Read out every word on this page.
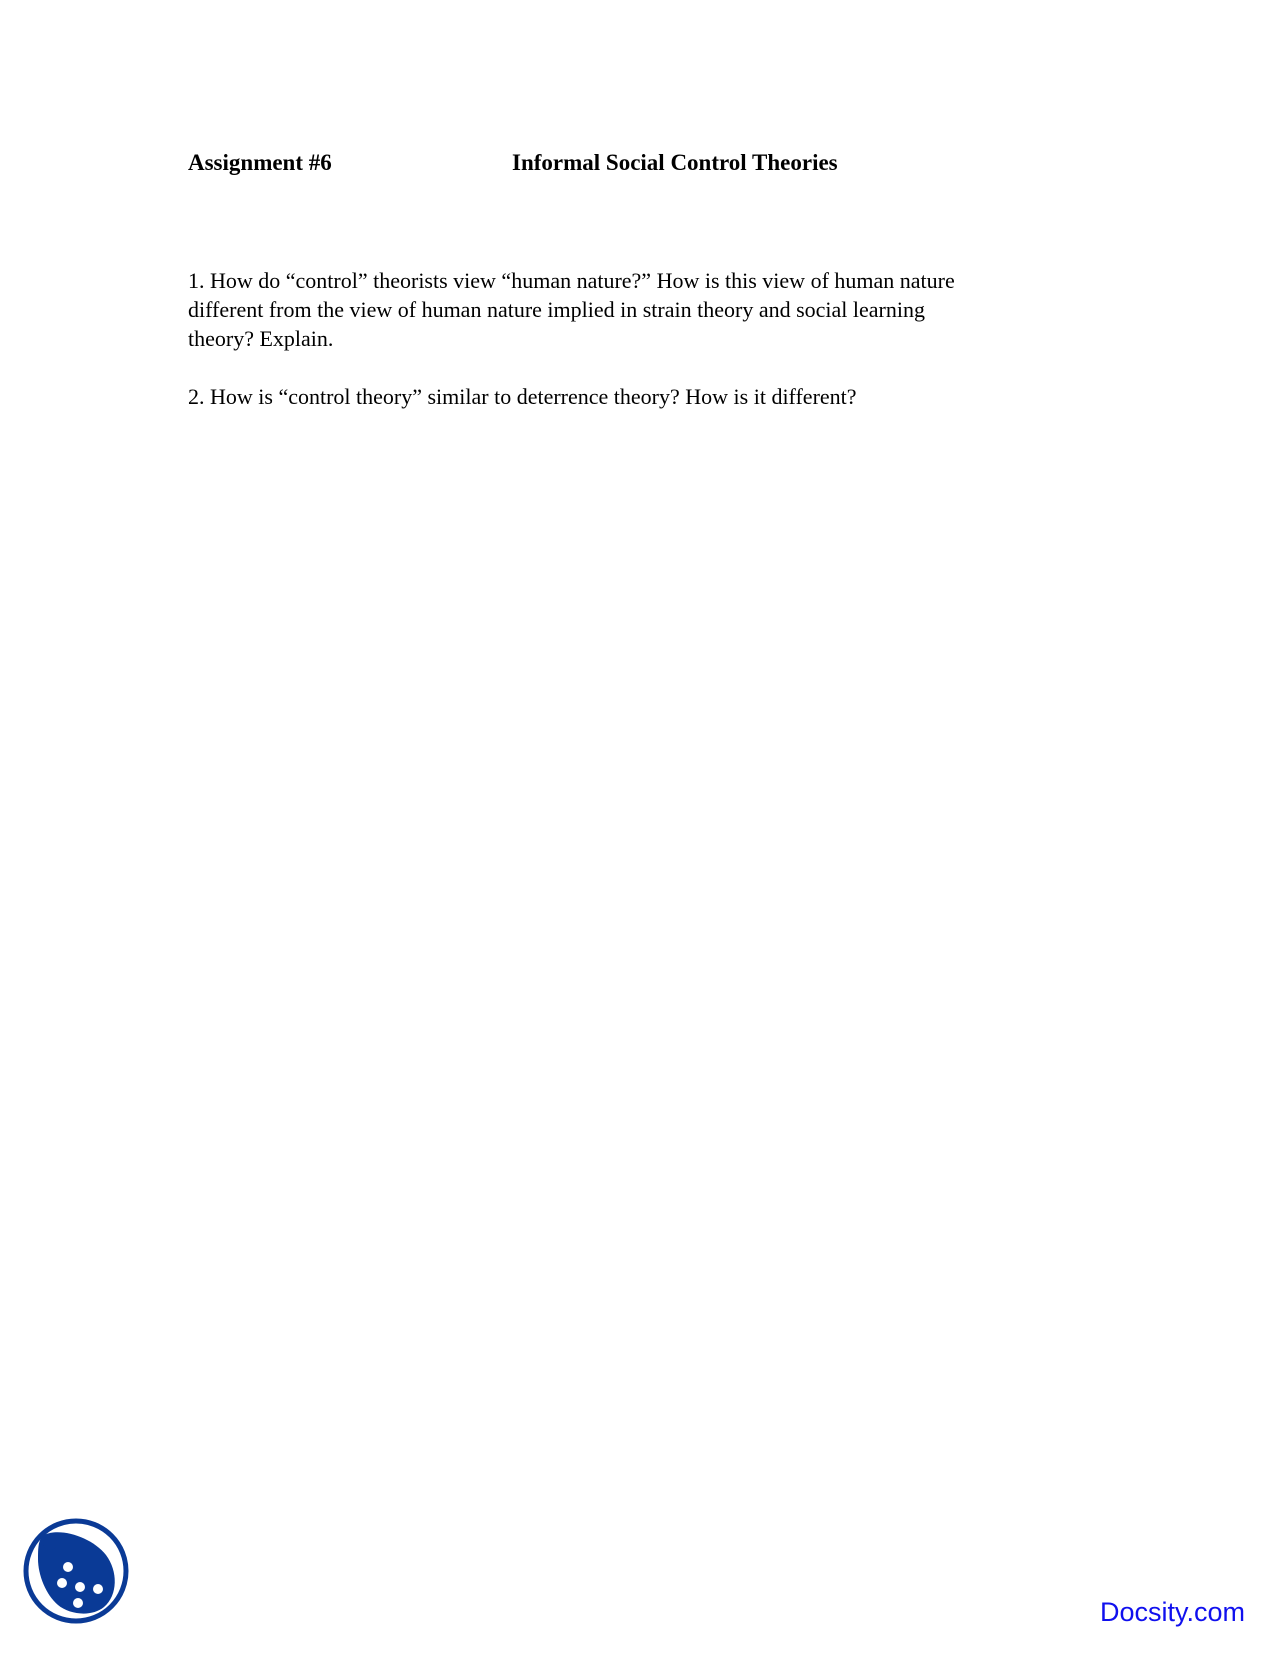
Assignment #6	Informal Social Control Theories
1. How do “control” theorists view “human nature?” How is this view of human nature
different from the view of human nature implied in strain theory and social learning
theory? Explain.
2. How is “control theory” similar to deterrence theory? How is it different?
Docsity.com
